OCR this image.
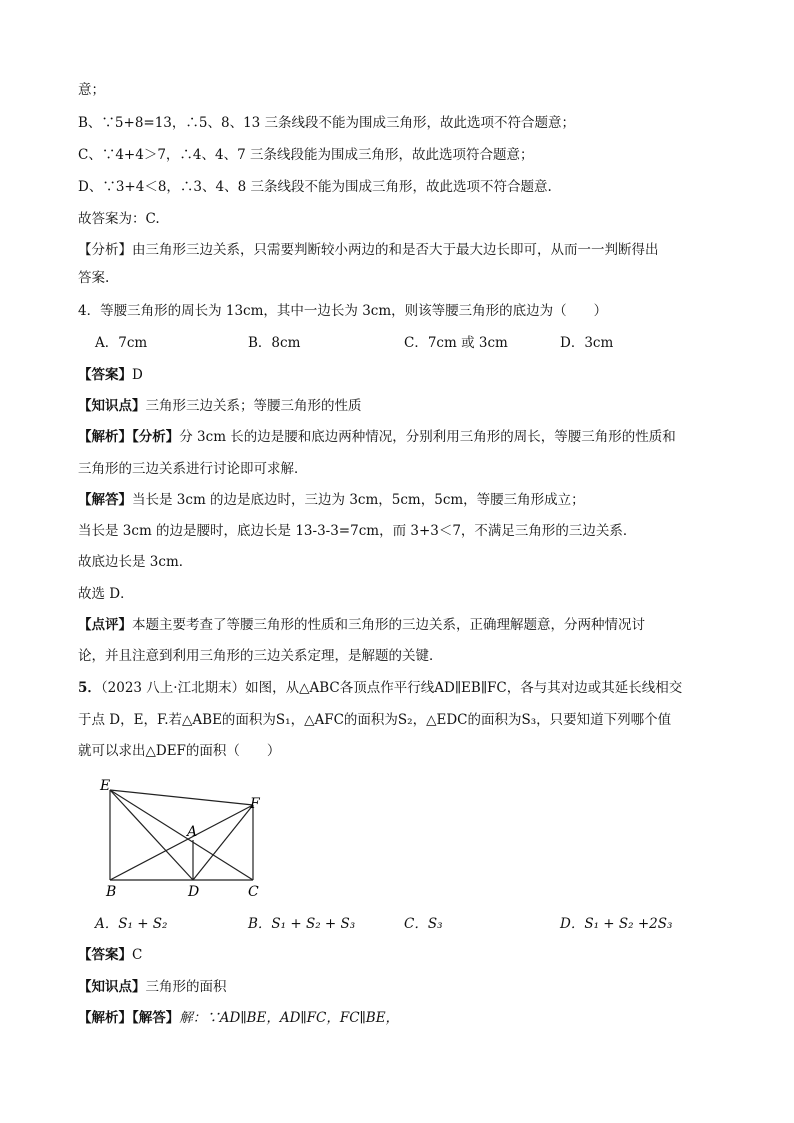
意；
B、∵5+8=13，∴5、8、13 三条线段不能为围成三角形，故此选项不符合题意；
C、∵4+4＞7，∴4、4、7 三条线段能为围成三角形，故此选项符合题意；
D、∵3+4＜8，∴3、4、8 三条线段不能为围成三角形，故此选项不符合题意.
故答案为：C.
【分析】由三角形三边关系，只需要判断较小两边的和是否大于最大边长即可，从而一一判断得出
答案.
4．等腰三角形的周长为 13cm，其中一边长为 3cm，则该等腰三角形的底边为（　　）
A．7cm	B．8cm	C．7cm 或 3cm	D．3cm
【答案】D
【知识点】三角形三边关系；等腰三角形的性质
【解析】【分析】分 3cm 长的边是腰和底边两种情况，分别利用三角形的周长，等腰三角形的性质和
三角形的三边关系进行讨论即可求解．
【解答】当长是 3cm 的边是底边时，三边为 3cm，5cm，5cm，等腰三角形成立；
当长是 3cm 的边是腰时，底边长是 13-3-3=7cm，而 3+3＜7，不满足三角形的三边关系．
故底边长是 3cm．
故选 D．
【点评】本题主要考查了等腰三角形的性质和三角形的三边关系，正确理解题意，分两种情况讨
论，并且注意到利用三角形的三边关系定理，是解题的关键．
5．（2023 八上·江北期末）如图，从△ABC各顶点作平行线AD∥EB∥FC，各与其对边或其延长线相交
于点 D，E，F.若△ABE的面积为S₁，△AFC的面积为S₂，△EDC的面积为S₃，只要知道下列哪个值
就可以求出△DEF的面积（　　）
E
F
A
B	D	C
A．S₁ + S₂	B．S₁ + S₂ + S₃	C．S₃	D．S₁ + S₂ +2S₃
【答案】C
【知识点】三角形的面积
【解析】【解答】解：∵AD∥BE，AD∥FC，FC∥BE，
